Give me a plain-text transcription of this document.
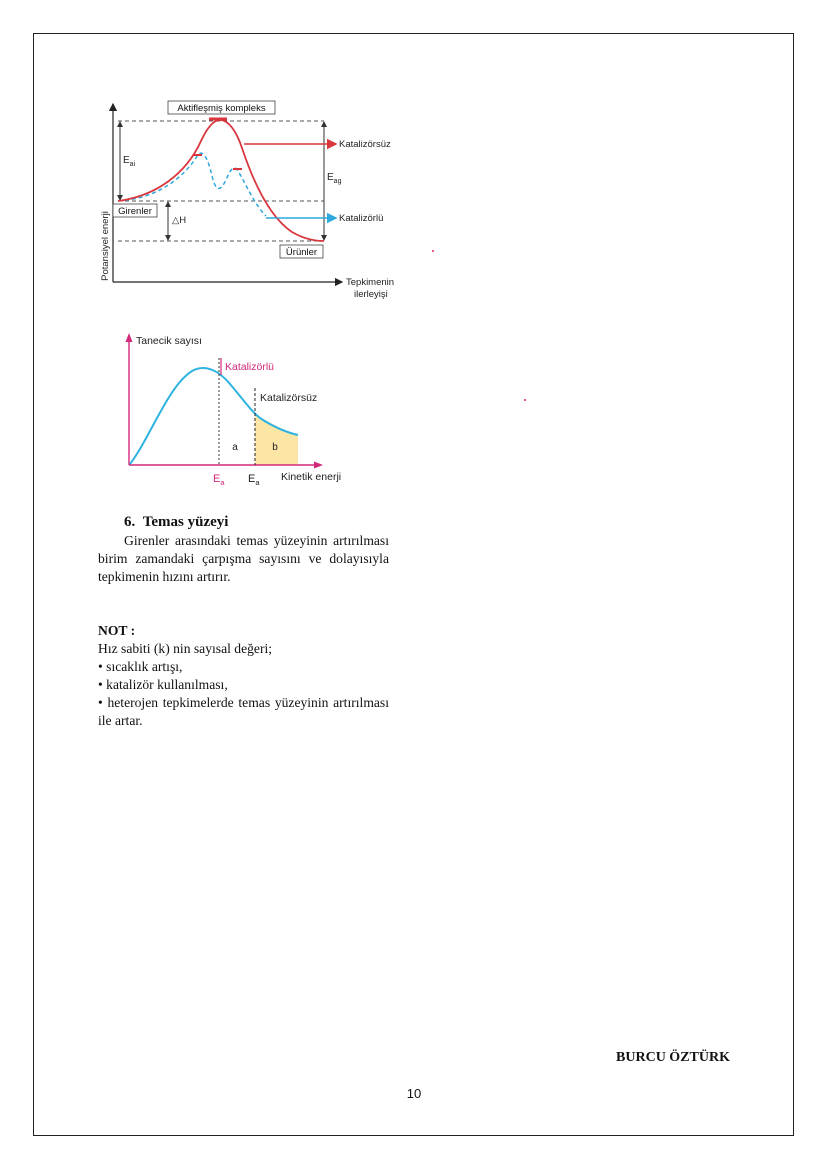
Potansiyel enerji
$E_{ai}$
$E_{ag}$
△H
Aktifleşmiş kompleks
Girenler
Ürünler
Katalizörsüz
Katalizörlü
Tepkimenin
ilerleyişi
Tanecik sayısı
Katalizörlü
Katalizörsüz
a	b
$E_a$ $E_a$ Kinetik enerji
6. Temas yüzeyi
Girenler arasındaki temas yüzeyinin artırılması birim zamandaki çarpışma sayısını ve dolayısıyla tepkimenin hızını artırır.
NOT :
Hız sabiti (k) nin sayısal değeri;
• sıcaklık artışı,
• katalizör kullanılması,
• heterojen tepkimelerde temas yüzeyinin artırılması ile artar.
BURCU ÖZTÜRK
10
